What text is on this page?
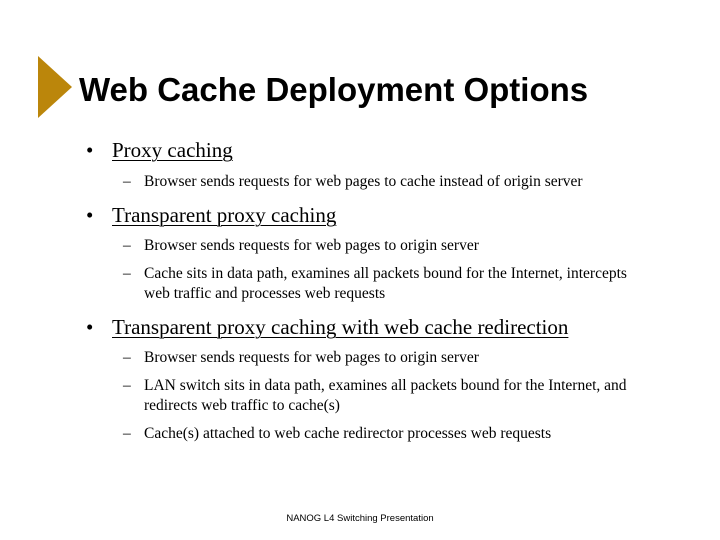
Web Cache Deployment Options
• Proxy caching
– Browser sends requests for web pages to cache instead of origin server
• Transparent proxy caching
– Browser sends requests for web pages to origin server
– Cache sits in data path, examines all packets bound for the Internet, intercepts web traffic and processes web requests
• Transparent proxy caching with web cache redirection
– Browser sends requests for web pages to origin server
– LAN switch sits in data path, examines all packets bound for the Internet, and redirects web traffic to cache(s)
– Cache(s) attached to web cache redirector processes web requests
NANOG L4 Switching Presentation
